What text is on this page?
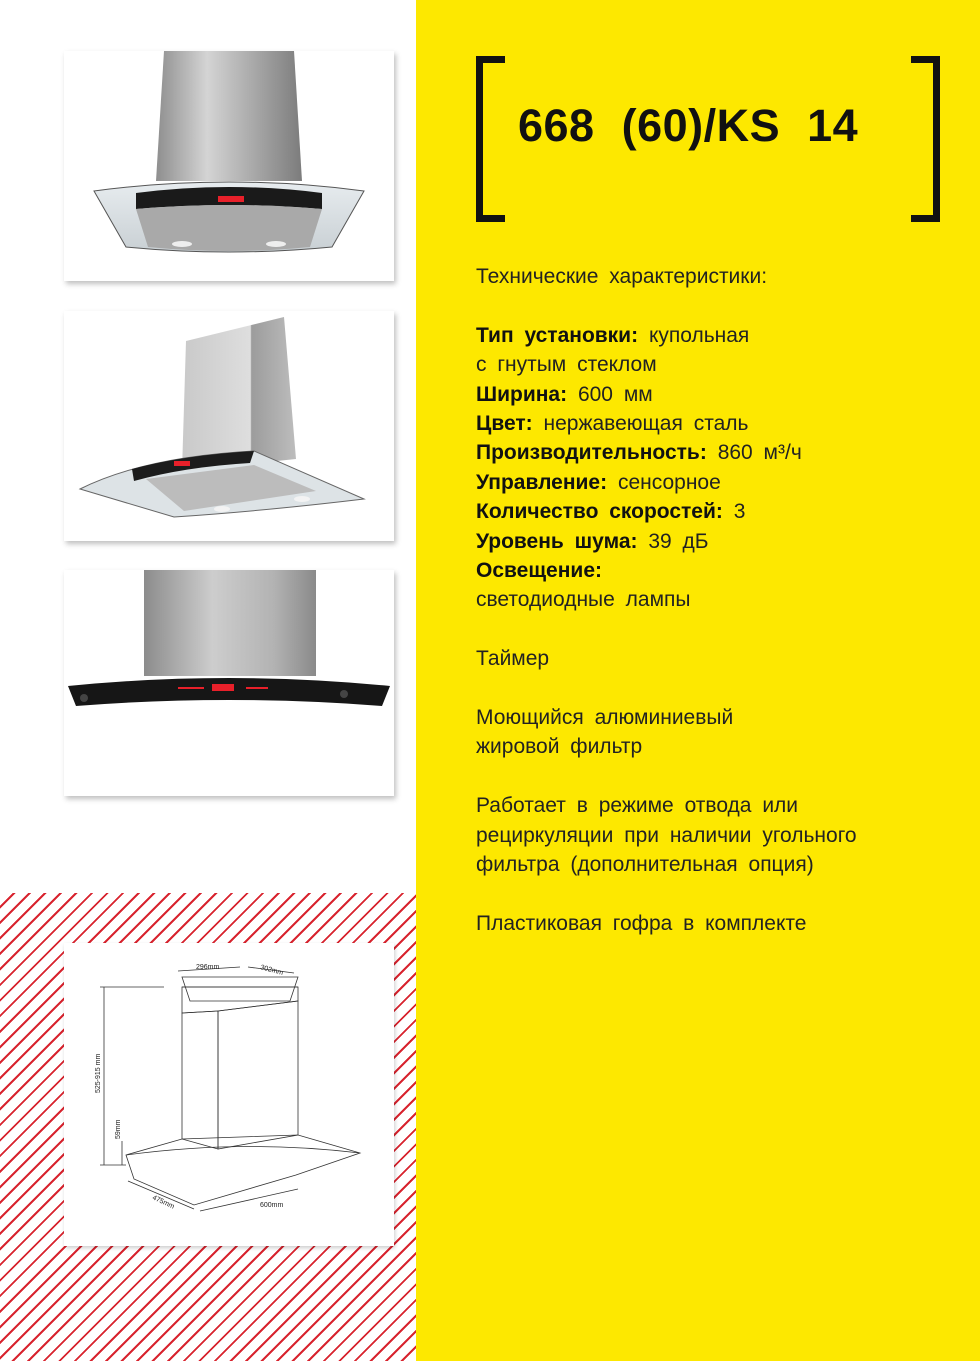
296mm	302mm
525-915 mm
59mm
475mm	600mm
668 (60)/KS 14

Технические характеристики:

Тип установки: купольная

с гнутым стеклом

Ширина: 600 мм

Цвет: нержавеющая сталь

Производительность: 860 м³/ч

Управление: сенсорное

Количество скоростей: 3

Уровень шума: 39 дБ

Освещение:

светодиодные лампы

Таймер

Моющийся алюминиевый

жировой фильтр

Работает в режиме отвода или

рециркуляции при наличии угольного

фильтра (дополнительная опция)

Пластиковая гофра в комплекте
